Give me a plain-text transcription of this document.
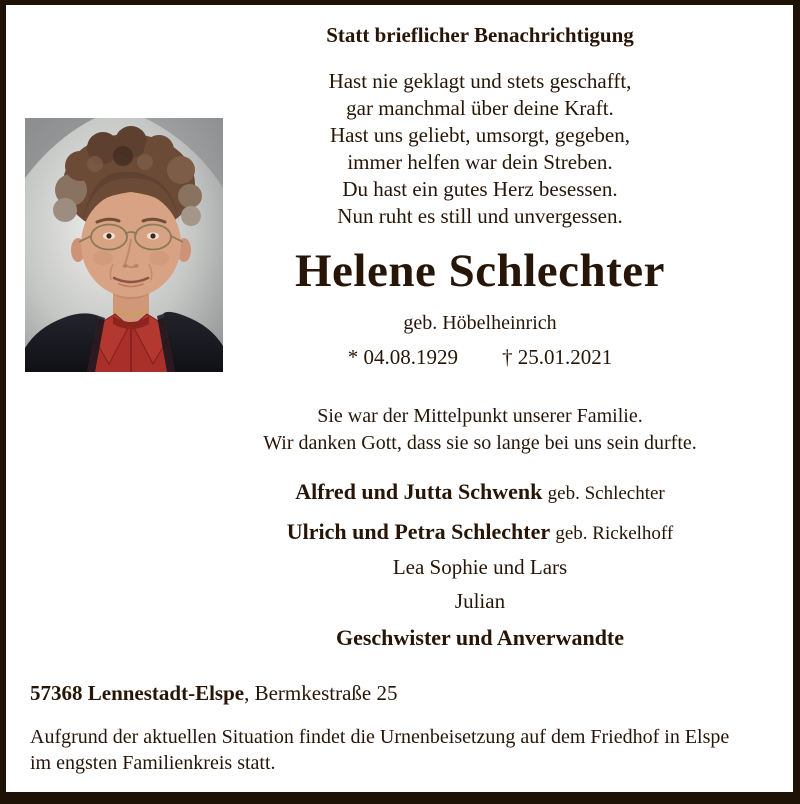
Statt brieflicher Benachrichtigung
Hast nie geklagt und stets geschafft,
gar manchmal über deine Kraft.
Hast uns geliebt, umsorgt, gegeben,
immer helfen war dein Streben.
Du hast ein gutes Herz besessen.
Nun ruht es still und unvergessen.
Helene Schlechter
geb. Höbelheinrich
* 04.08.1929 † 25.01.2021
Sie war der Mittelpunkt unserer Familie.
Wir danken Gott, dass sie so lange bei uns sein durfte.
Alfred und Jutta Schwenk geb. Schlechter
Ulrich und Petra Schlechter geb. Rickelhoff
Lea Sophie und Lars
Julian
Geschwister und Anverwandte
57368 Lennestadt-Elspe, Bermkestraße 25
Aufgrund der aktuellen Situation findet die Urnenbeisetzung auf dem Friedhof in Elspe
im engsten Familienkreis statt.
